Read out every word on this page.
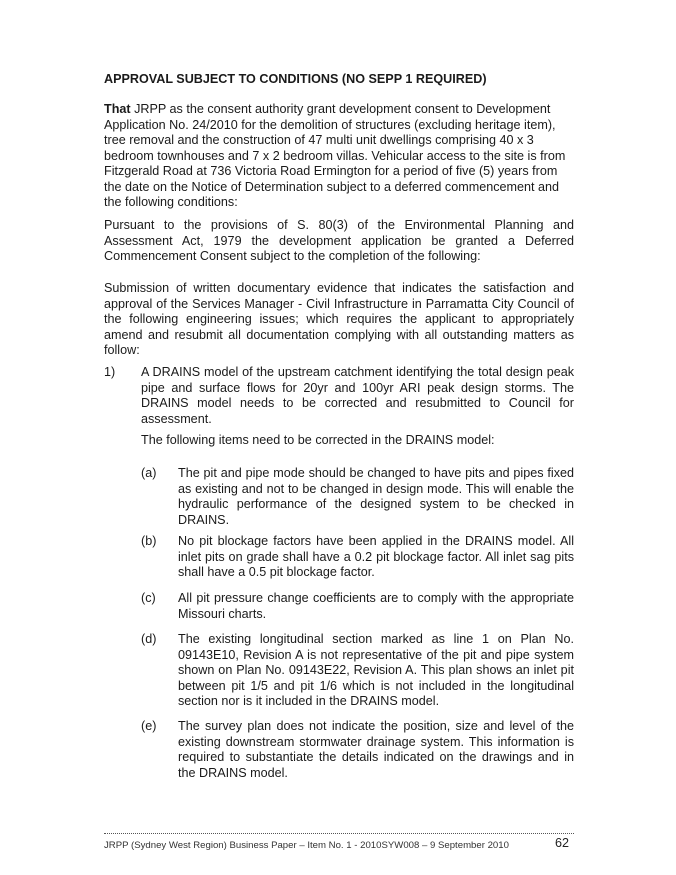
APPROVAL SUBJECT TO CONDITIONS (NO SEPP 1 REQUIRED)

That JRPP as the consent authority grant development consent to Development Application No. 24/2010 for the demolition of structures (excluding heritage item), tree removal and the construction of 47 multi unit dwellings comprising 40 x 3 bedroom townhouses and 7 x 2 bedroom villas. Vehicular access to the site is from Fitzgerald Road at 736 Victoria Road Ermington for a period of five (5) years from the date on the Notice of Determination subject to a deferred commencement and the following conditions:

Pursuant to the provisions of S. 80(3) of the Environmental Planning and Assessment Act, 1979 the development application be granted a Deferred Commencement Consent subject to the completion of the following:

Submission of written documentary evidence that indicates the satisfaction and approval of the Services Manager - Civil Infrastructure in Parramatta City Council of the following engineering issues; which requires the applicant to appropriately amend and resubmit all documentation complying with all outstanding matters as follow:

1) A DRAINS model of the upstream catchment identifying the total design peak pipe and surface flows for 20yr and 100yr ARI peak design storms. The DRAINS model needs to be corrected and resubmitted to Council for assessment.

The following items need to be corrected in the DRAINS model:

(a)	The pit and pipe mode should be changed to have pits and pipes fixed as existing and not to be changed in design mode. This will enable the hydraulic performance of the designed system to be checked in DRAINS.

(b)	No pit blockage factors have been applied in the DRAINS model. All inlet pits on grade shall have a 0.2 pit blockage factor. All inlet sag pits shall have a 0.5 pit blockage factor.

(c)	All pit pressure change coefficients are to comply with the appropriate Missouri charts.

(d)	The existing longitudinal section marked as line 1 on Plan No. 09143E10, Revision A is not representative of the pit and pipe system shown on Plan No. 09143E22, Revision A. This plan shows an inlet pit between pit 1/5 and pit 1/6 which is not included in the longitudinal section nor is it included in the DRAINS model.

(e)	The survey plan does not indicate the position, size and level of the existing downstream stormwater drainage system. This information is required to substantiate the details indicated on the drawings and in the DRAINS model.

JRPP (Sydney West Region) Business Paper – Item No. 1 - 2010SYW008 – 9 September 2010	62
